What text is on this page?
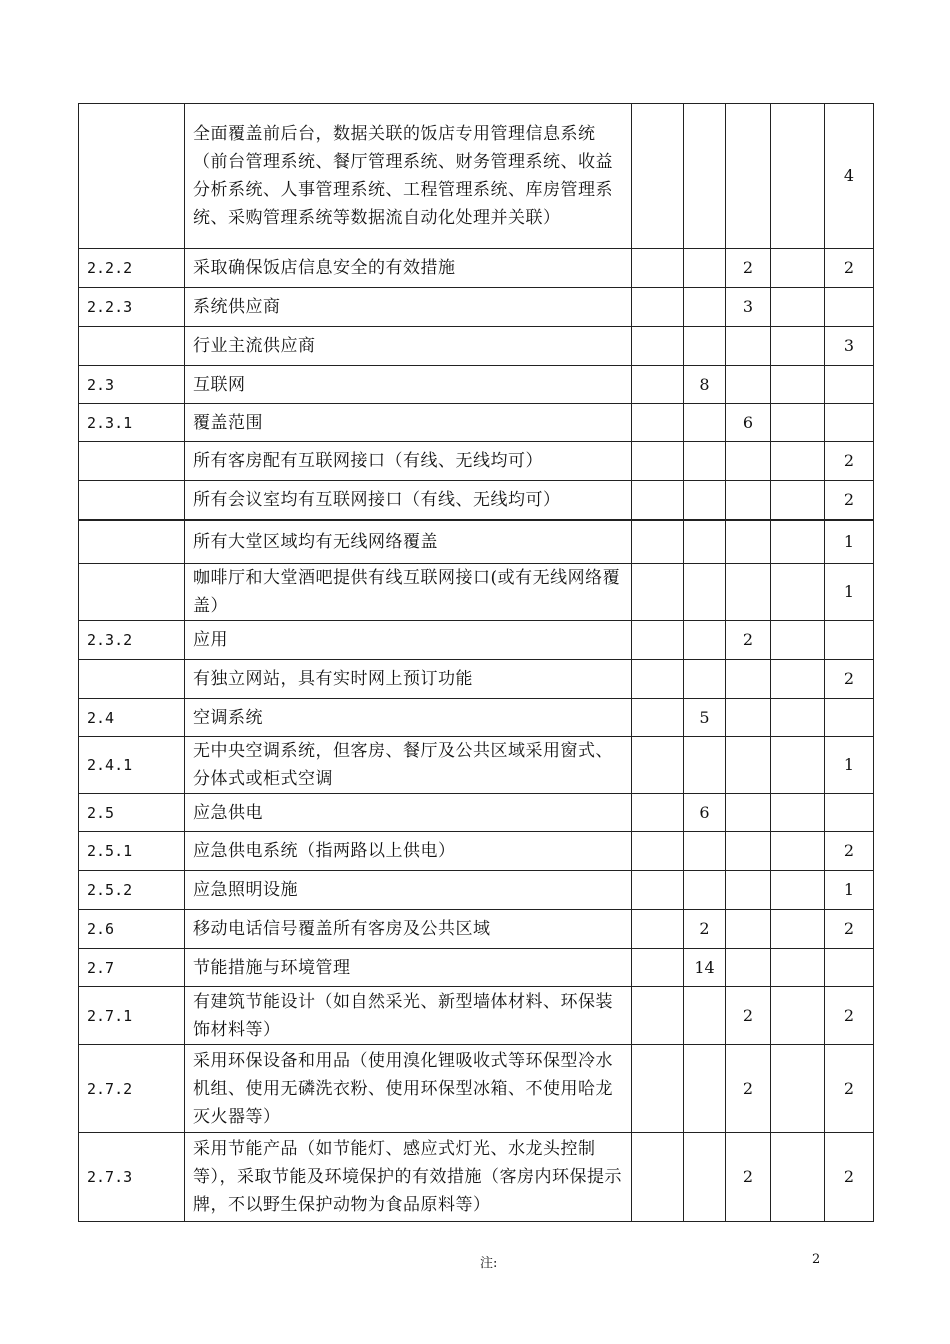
	全面覆盖前后台，数据关联的饭店专用管理信息系统（前台管理系统、餐厅管理系统、财务管理系统、收益分析系统、人事管理系统、工程管理系统、库房管理系统、采购管理系统等数据流自动化处理并关联）					4
2.2.2	采取确保饭店信息安全的有效措施			2		2
2.2.3	系统供应商			3		
	行业主流供应商					3
2.3	互联网		8			
2.3.1	覆盖范围			6		
	所有客房配有互联网接口（有线、无线均可）					2
	所有会议室均有互联网接口（有线、无线均可）					2
	所有大堂区域均有无线网络覆盖					1
	咖啡厅和大堂酒吧提供有线互联网接口(或有无线网络覆盖）					1
2.3.2	应用			2		
	有独立网站，具有实时网上预订功能					2
2.4	空调系统		5			
2.4.1	无中央空调系统，但客房、餐厅及公共区域采用窗式、分体式或柜式空调					1
2.5	应急供电		6			
2.5.1	应急供电系统（指两路以上供电）					2
2.5.2	应急照明设施					1
2.6	移动电话信号覆盖所有客房及公共区域		2			2
2.7	节能措施与环境管理		14			
2.7.1	有建筑节能设计（如自然采光、新型墙体材料、环保装饰材料等）			2		2
2.7.2	采用环保设备和用品（使用溴化锂吸收式等环保型冷水机组、使用无磷洗衣粉、使用环保型冰箱、不使用哈龙灭火器等）			2		2
2.7.3	采用节能产品（如节能灯、感应式灯光、水龙头控制等），采取节能及环境保护的有效措施（客房内环保提示牌，不以野生保护动物为食品原料等）			2		2
注:	2
